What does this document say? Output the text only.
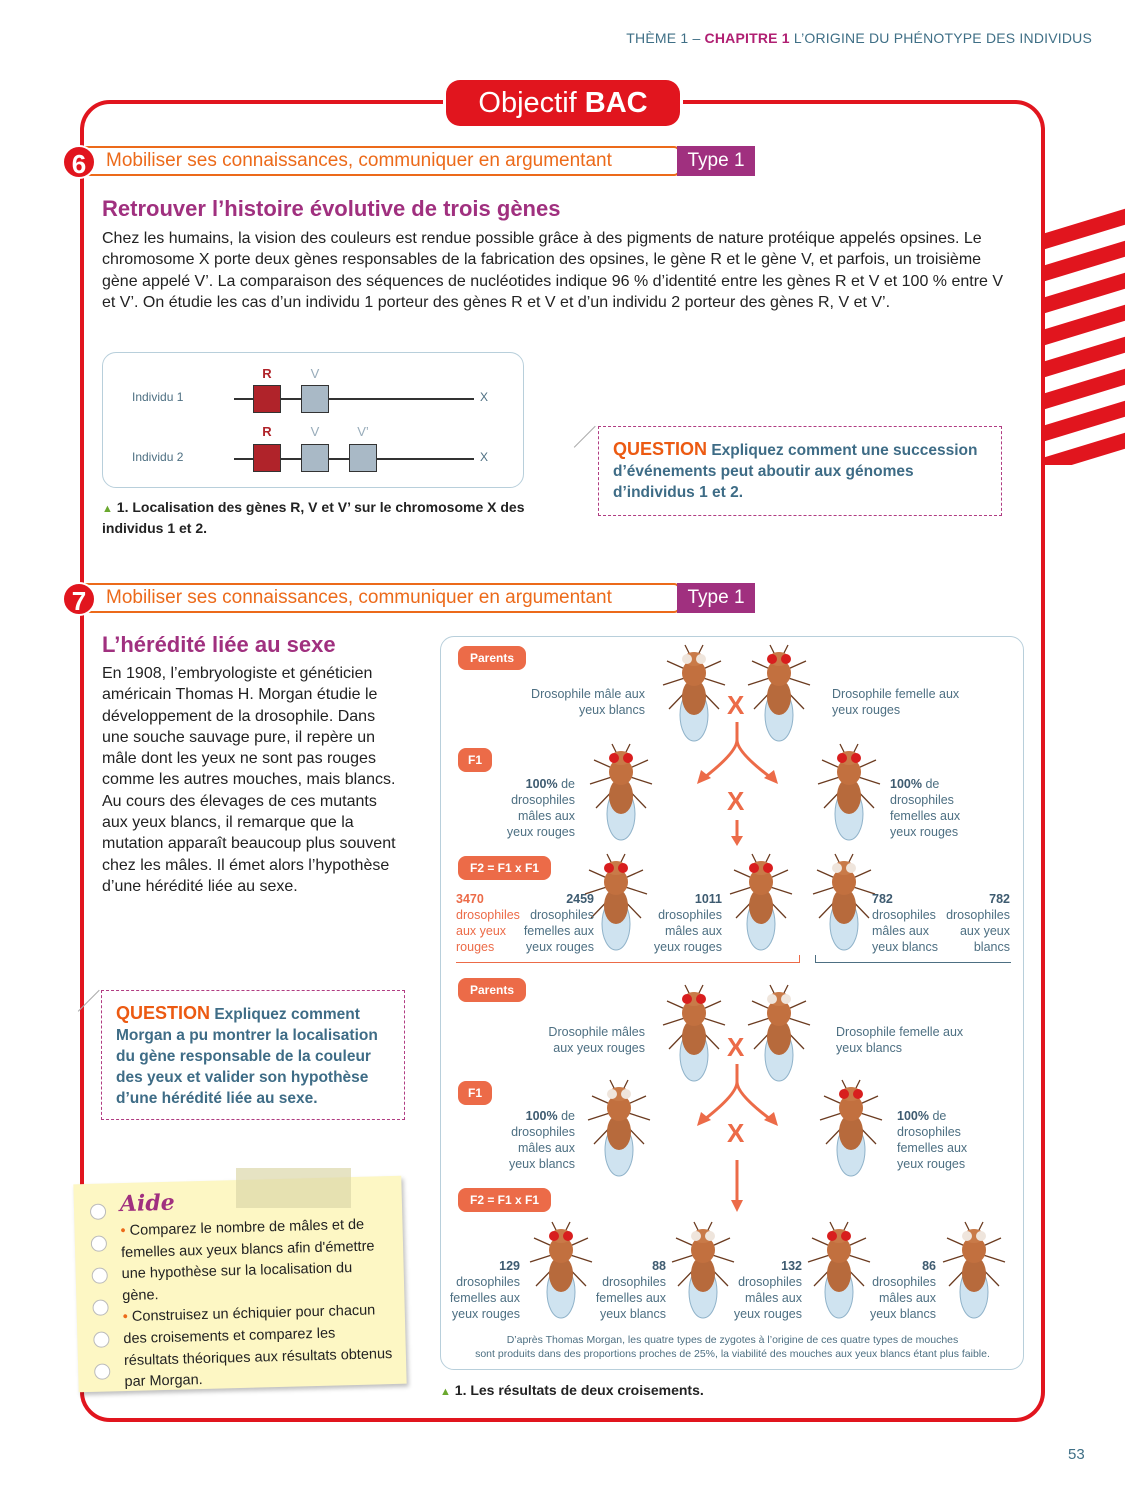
THÈME 1 – CHAPITRE 1 L’ORIGINE DU PHÉNOTYPE DES INDIVIDUS
Objectif BAC
6	Mobiliser ses connaissances, communiquer en argumentant	Type 1
Retrouver l’histoire évolutive de trois gènes
Chez les humains, la vision des couleurs est rendue possible grâce à des pigments de nature protéique appelés opsines. Le chromosome X porte deux gènes responsables de la fabrication des opsines, le gène R et le gène V, et parfois, un troisième gène appelé V’. La comparaison des séquences de nucléotides indique 96 % d’identité entre les gènes R et V et 100 % entre V et V’. On étudie les cas d’un individu 1 porteur des gènes R et V et d’un individu 2 porteur des gènes R, V et V’.
Individu 1
R	V
X
Individu 2
R	V	V’
X
▲ 1. Localisation des gènes R, V et V’ sur le chromosome X des individus 1 et 2.
QUESTION Expliquez comment une succession d’événements peut aboutir aux génomes d’individus 1 et 2.
7	Mobiliser ses connaissances, communiquer en argumentant	Type 1
L’hérédité liée au sexe
En 1908, l’embryologiste et généticien américain Thomas H. Morgan étudie le développement de la drosophile. Dans une souche sauvage pure, il repère un mâle dont les yeux ne sont pas rouges comme les autres mouches, mais blancs. Au cours des élevages de ces mutants aux yeux blancs, il remarque que la mutation apparaît beaucoup plus souvent chez les mâles. Il émet alors l’hypothèse d’une hérédité liée au sexe.
QUESTION Expliquez comment Morgan a pu montrer la localisation du gène responsable de la couleur des yeux et valider son hypothèse d’une hérédité liée au sexe.
Aide
• Comparez le nombre de mâles et de femelles aux yeux blancs afin d'émettre une hypothèse sur la localisation du gène.
• Construisez un échiquier pour chacun des croisements et comparez les résultats théoriques aux résultats obtenus par Morgan.
Parents
Drosophile mâle aux yeux blancs	X	Drosophile femelle aux yeux rouges
F1
100% de drosophiles mâles aux yeux rouges
X
100% de drosophiles femelles aux yeux rouges
F2 = F1 x F1
3470
drosophiles aux yeux rouges
2459
drosophiles femelles aux yeux rouges
1011
drosophiles mâles aux yeux rouges
782
drosophiles mâles aux yeux blancs
782
drosophiles aux yeux blancs
Parents
Drosophile mâles aux yeux rouges	X	Drosophile femelle aux yeux blancs
F1
100% de drosophiles mâles aux yeux blancs
X
100% de drosophiles femelles aux yeux rouges
F2 = F1 x F1
129
drosophiles femelles aux yeux rouges
88
drosophiles femelles aux yeux blancs
132
drosophiles mâles aux yeux rouges
86
drosophiles mâles aux yeux blancs
D’après Thomas Morgan, les quatre types de zygotes à l’origine de ces quatre types de mouches
sont produits dans des proportions proches de 25%, la viabilité des mouches aux yeux blancs étant plus faible.
▲ 1. Les résultats de deux croisements.
53
